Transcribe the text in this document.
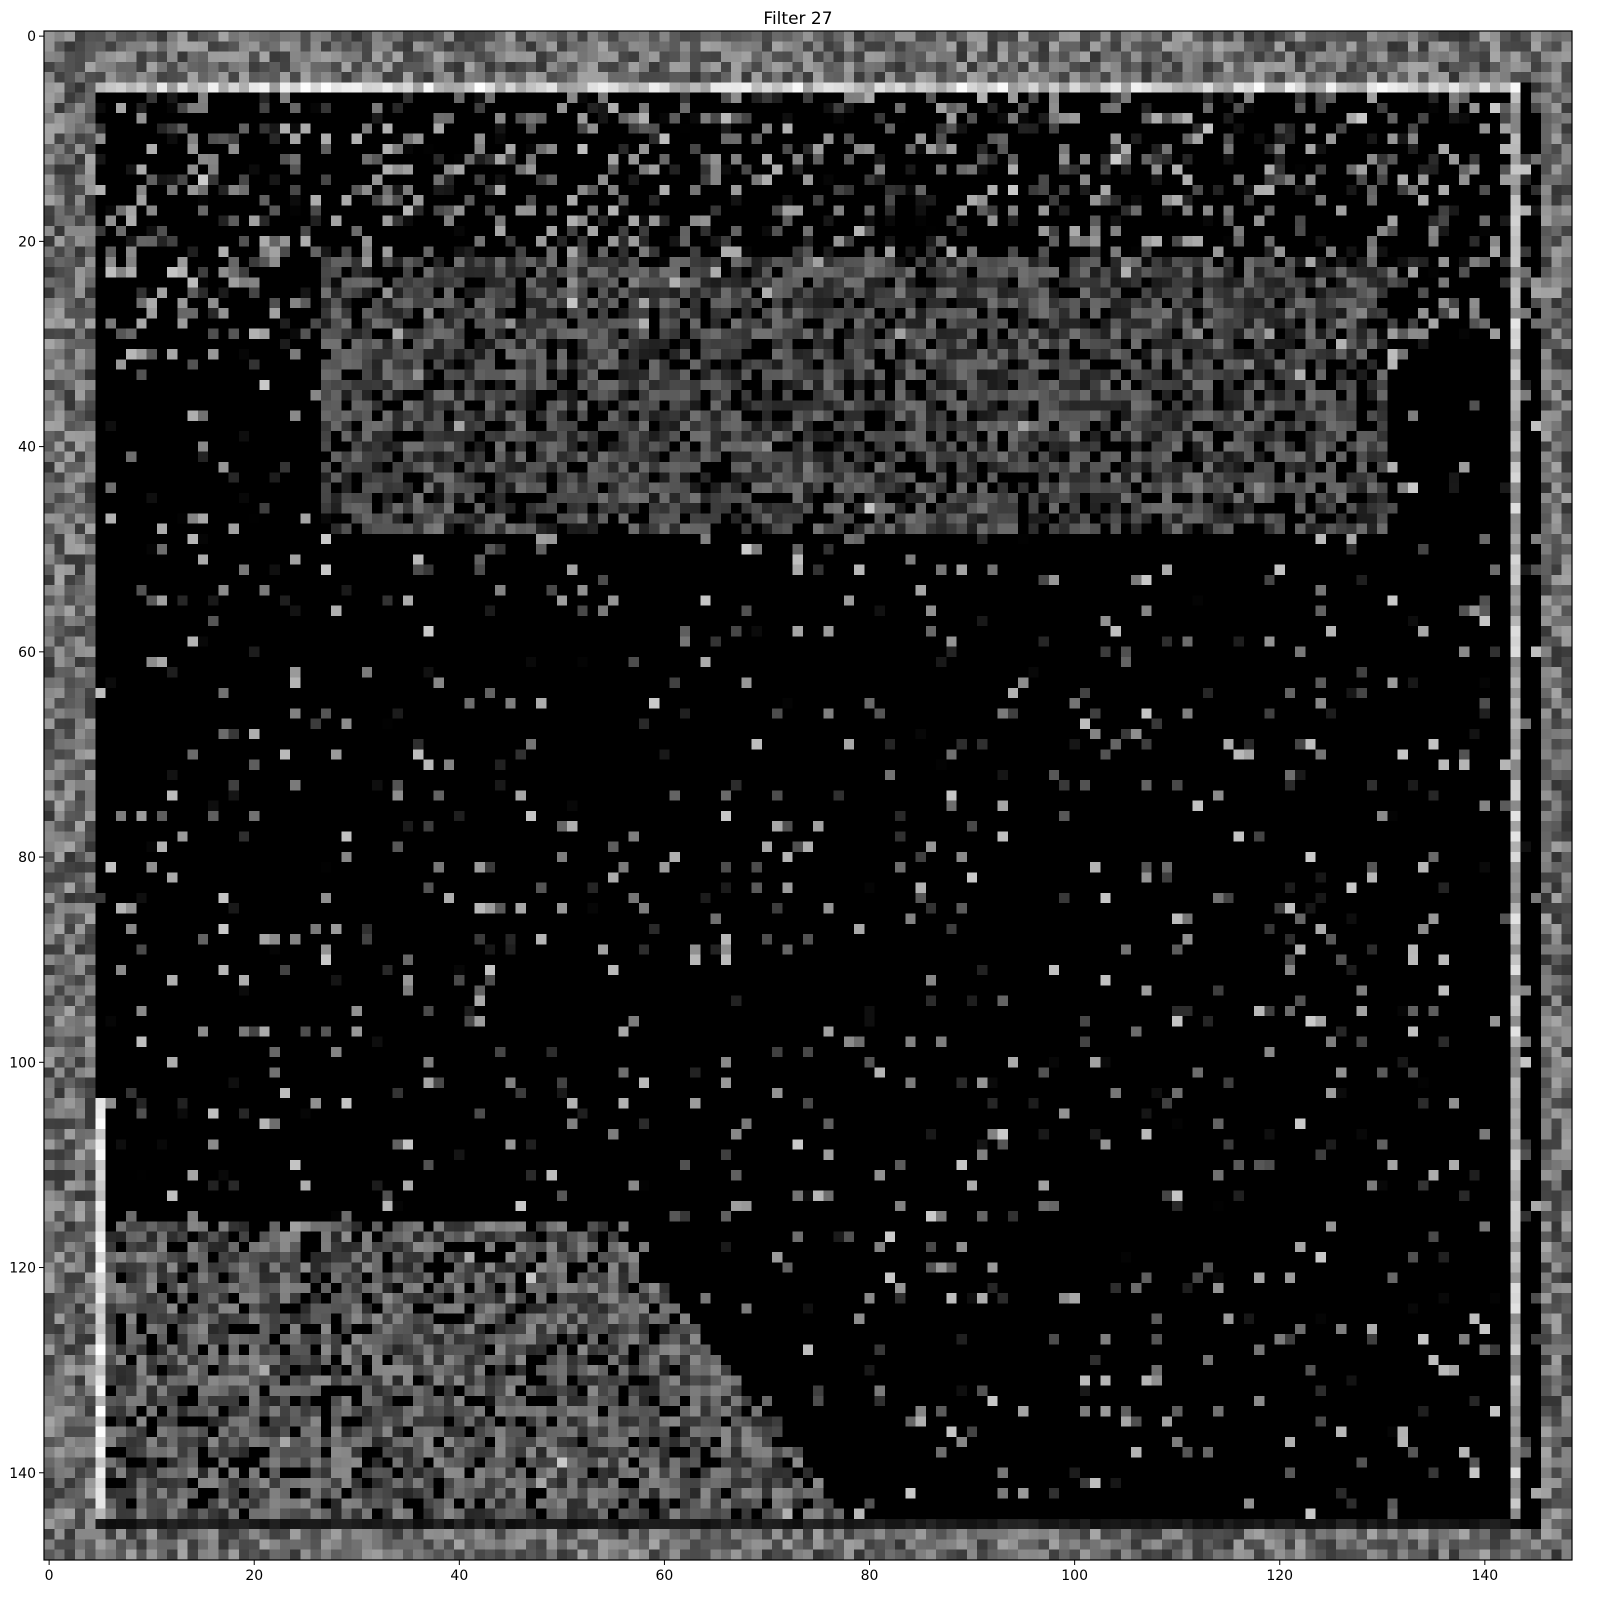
Filter 27
0	20	40	60	80	100	120	140
0
20
40
60
80
100
120
140
